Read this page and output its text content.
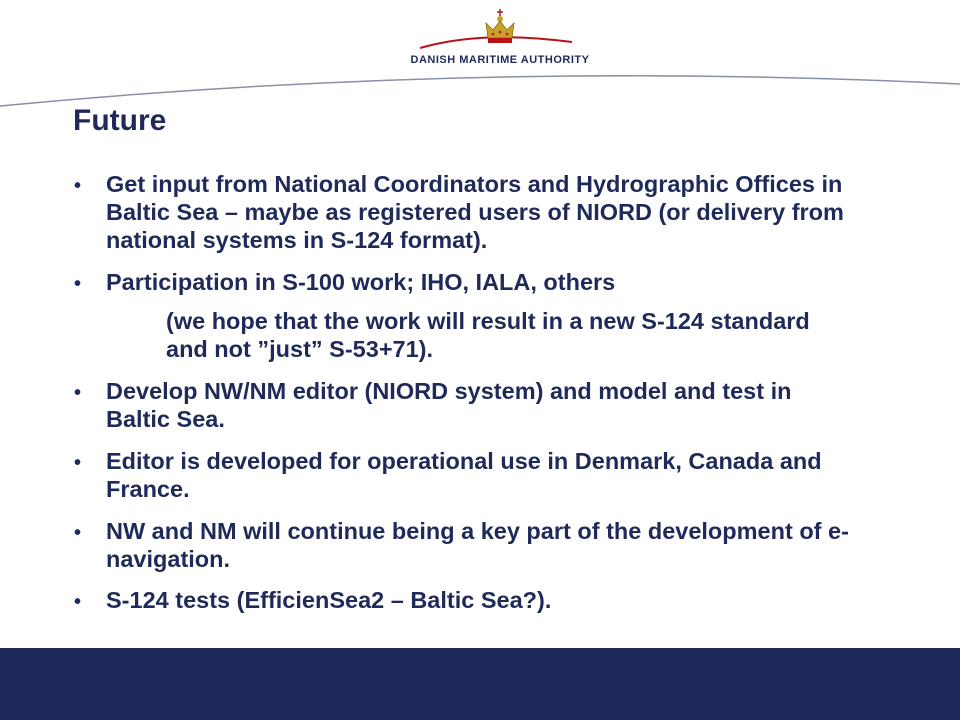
DANISH MARITIME AUTHORITY
Future
• Get input from National Coordinators and Hydrographic Offices in Baltic Sea – maybe as registered users of NIORD (or delivery from national systems in S-124 format).
• Participation in S-100 work; IHO, IALA, others
(we hope that the work will result in a new S-124 standard and not ”just” S-53+71).
• Develop NW/NM editor (NIORD system) and model and test in Baltic Sea.
• Editor is developed for operational use in Denmark, Canada and France.
• NW and NM will continue being a key part of the development of e-navigation.
• S-124 tests (EfficienSea2 – Baltic Sea?).
